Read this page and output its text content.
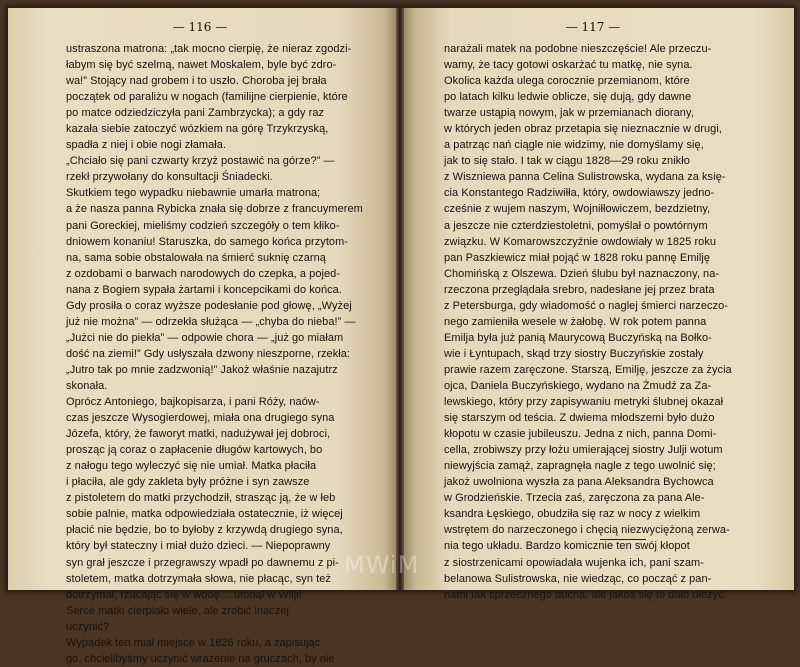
— 116 —
ustraszona matrona: „tak mocno cierpię, że nieraz zgodzi-
łabym się być szelmą, nawet Moskalem, byle być zdro-
wa!” Stojący nad grobem i to uszło. Choroba jej brała
początek od paraliżu w nogach (familijne cierpienie, które
po matce odziedziczyła pani Zambrzycka); a gdy raz
kazała siebie zatoczyć wózkiem na górę Trzykrzyską,
spadła z niej i obie nogi złamała.
„Chciało się pani czwarty krzyż postawić na górze?” —
rzekł przywołany do konsultacji Śniadecki.
Skutkiem tego wypadku niebawnie umarła matrona;
a że nasza panna Rybicka znała się dobrze z francuymerem
pani Goreckiej, mieliśmy codzień szczegóły o tem kłiko-
dniowem konaniu! Staruszka, do samego końca przytom-
na, sama sobie obstalowała na śmierć suknię czarną
z ozdobami o barwach narodowych do czepka, a pojed-
nana z Bogiem sypała żartami i koncepcikami do końca.
Gdy prosiła o coraz wyższe podesłanie pod głowę, „Wyżej
już nie można” — odrzekła służąca — „chyba do nieba!” —
„Jużci nie do piekła” — odpowie chora — „już go miałam
dość na ziemi!” Gdy usłyszała dzwony nieszporne, rzekła:
„Jutro tak po mnie zadzwonią!” Jakoż właśnie nazajutrz
skonała.
Oprócz Antoniego, bajkopisarza, i pani Róży, naów-
czas jeszcze Wysogierdowej, miała ona drugiego syna
Józefa, który, że faworyt matki, nadużywał jej dobroci,
prosząc ją coraz o zapłacenie długów kartowych, bo
z nałogu tego wyleczyć się nie umiał. Matka płaciła
i płaciła, ale gdy zakleta były próżne i syn zawsze
z pistoletem do matki przychodził, strasząc ją, że w łeb
sobie palnie, matka odpowiedziała ostatecznie, iż więcej
płacić nie będzie, bo to byłoby z krzywdą drugiego syna,
który był stateczny i miał dużo dzieci. — Niepoprawny
syn grał jeszcze i przegrawszy wpadł po dawnemu z pi-
stoletem, matka dotrzymała słowa, nie płacąc, syn też
dotrzymał, rzucając się w wodę… utonął w Wilji!
Serce matki cierpiało wiele, ale zrobić inaczej
uczynić?
Wypadek ten miał miejsce w 1826 roku, a zapisując
go, chcielibyśmy uczynić wrażenie na gruczach, by nie
— 117 —
narażali matek na podobne nieszczęście! Ale przeczu-
wamy, że tacy gotowi oskarżać tu matkę, nie syna.
Okolica każda ulega corocznie przemianom, które
po latach kilku ledwie oblicze, się dują, gdy dawne
twarze ustąpią nowym, jak w przemianach diorany,
w których jeden obraz przetapia się nieznacznie w drugi,
a patrząc nań ciągle nie widzimy, nie domyślamy się,
jak to się stało. I tak w ciągu 1828—29 roku znikło
z Wiszniewa panna Celina Sulistrowska, wydana za księ-
cia Konstantego Radziwiłła, który, owdowiawszy jedno-
cześnie z wujem naszym, Wojniłłowiczem, bezdzietny,
a jeszcze nie czterdziestoletni, pomyślał o powtórnym
związku. W Komarowszczyźnie owdowiały w 1825 roku
pan Paszkiewicz miał pojąć w 1828 roku pannę Emilję
Chomińską z Olszewa. Dzień ślubu był naznaczony, na-
rzeczona przeglądała srebro, nadesłane jej przez brata
z Petersburga, gdy wiadomość o naglej śmierci narzeczo-
nego zamieniła wesele w żałobę. W rok potem panna
Emilja była już panią Maurycową Buczyńską na Bołko-
wie i Łyntupach, skąd trzy siostry Buczyńskie zostały
prawie razem zaręczone. Starszą, Emilję, jeszcze za życia
ojca, Daniela Buczyńskiego, wydano na Żmudź za Za-
lewskiego, który przy zapisywaniu metryki ślubnej okazał
się starszym od teścia. Z dwiema młodszemi było dużo
kłopotu w czasie jubileuszu. Jedna z nich, panna Domi-
cella, zrobiwszy przy łożu umierającej siostry Julji wotum
niewyjścia zamąż, zapragnęła nagle z tego uwolnić się;
jakoż uwolniona wyszła za pana Aleksandra Bychowca
w Grodzieńskie. Trzecia zaś, zaręczona za pana Ale-
ksandra Łęskiego, obudziła się raz w nocy z wielkim
wstrętem do narzeczonego i chęcią niezwyciężoną zerwa-
nia tego układu. Bardzo komicznie ten swój kłopot
z siostrzenicami opowiadała wujenka ich, pani szam-
belanowa Sulistrowska, nie wiedząc, co począć z pan-
nami tak sprzecznego ducha, ale jakoś się to dało ułożyć.
MWiM
